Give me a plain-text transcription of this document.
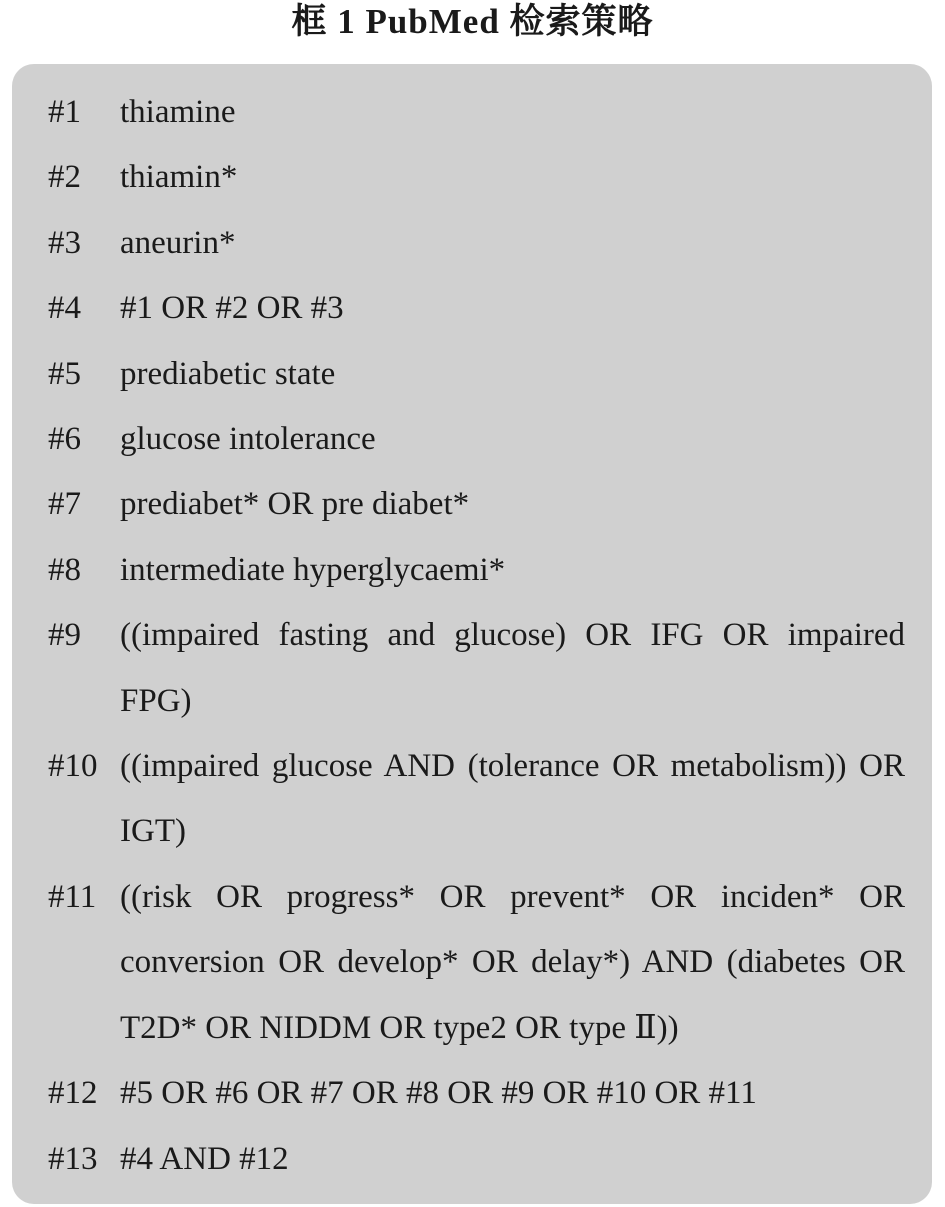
框 1 PubMed 检索策略
#1	thiamine
#2	thiamin*
#3	aneurin*
#4	#1 OR #2 OR #3
#5	prediabetic state
#6	glucose intolerance
#7	prediabet* OR pre diabet*
#8	intermediate hyperglycaemi*
#9	((impaired fasting and glucose) OR IFG OR impaired FPG)
#10 ((impaired glucose AND (tolerance OR metabolism)) OR IGT)
#11 ((risk OR progress* OR prevent* OR inciden* OR conversion OR develop* OR delay*) AND (diabetes OR T2D* OR NIDDM OR type2 OR type Ⅱ))
#12 #5 OR #6 OR #7 OR #8 OR #9 OR #10 OR #11
#13 #4 AND #12
